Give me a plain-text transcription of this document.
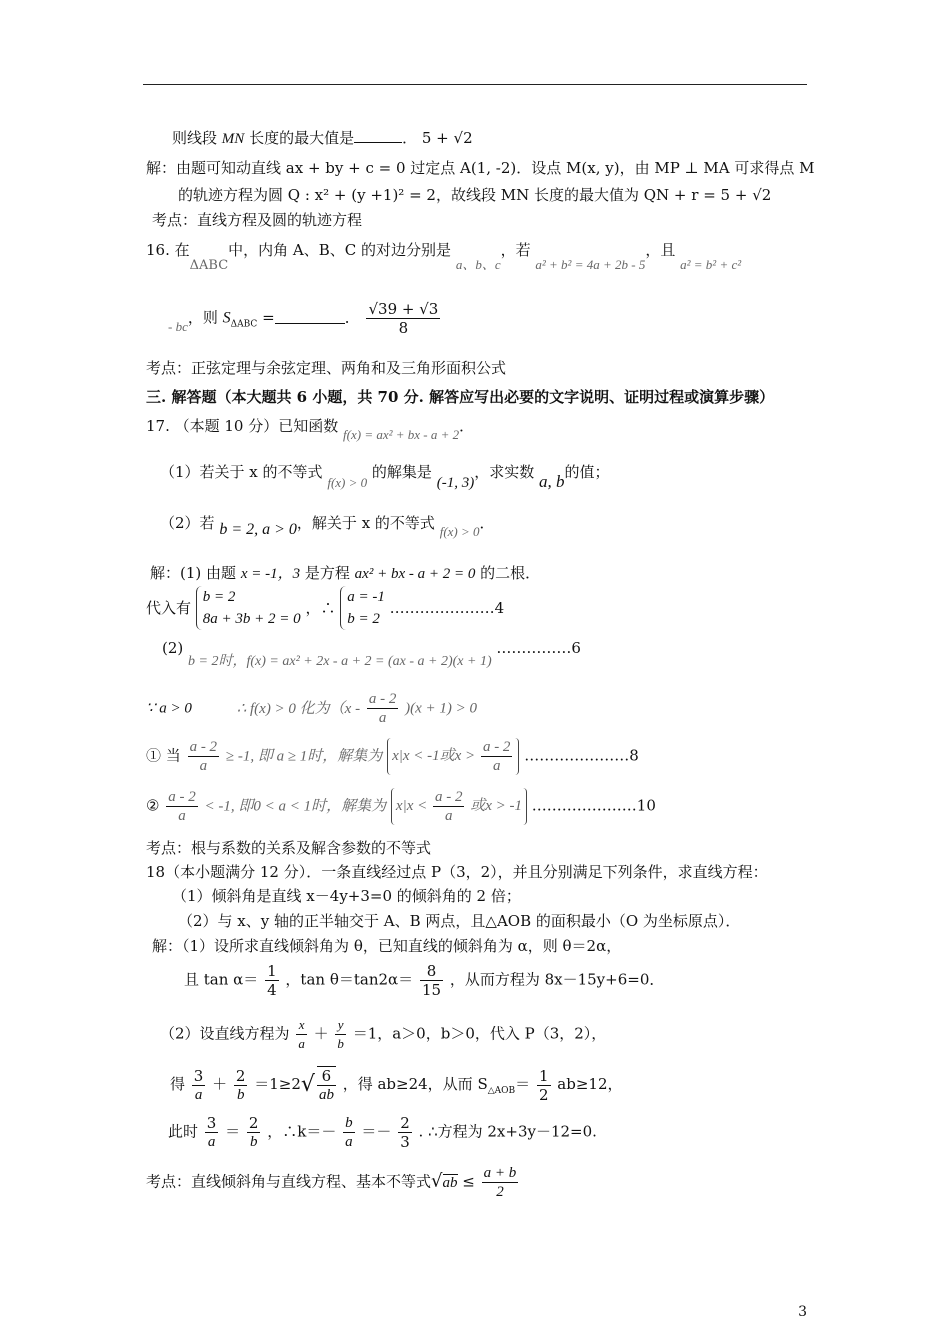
则线段 MN 长度的最大值是	． 5 + √2
解：由题可知动直线 ax + by + c = 0 过定点 A(1, -2)．设点 M(x, y)，由 MP ⊥ MA 可求得点 M
的轨迹方程为圆 Q : x² + (y +1)² = 2，故线段 MN 长度的最大值为 QN + r = 5 + √2
考点：直线方程及圆的轨迹方程
16. 在ΔABC中，内角 A、B、C 的对边分别是 a、b、c，若 a² + b² = 4a + 2b - 5，且 a² = b² + c²
- bc，则 $S_{\Delta ABC}$ =	． $\frac{√39 + √3}{8}$
考点：正弦定理与余弦定理、两角和及三角形面积公式
三. 解答题（本大题共 6 小题，共 70 分. 解答应写出必要的文字说明、证明过程或演算步骤）
17. （本题 10 分）已知函数 f(x) = ax² + bx - a + 2．
（1）若关于 x 的不等式 f(x) > 0 的解集是 (-1, 3)，求实数 a, b的值；
（2）若 b = 2, a > 0，解关于 x 的不等式 f(x) > 0．
解：(1) 由题 x = -1，3 是方程 ax² + bx - a + 2 = 0 的二根．
代入有
b = 2
8a + 3b + 2 = 0
，∴
a = -1
b = 2
…………………4
(2) b = 2时，f(x) = ax² + 2x - a + 2 = (ax - a + 2)(x + 1) ……………6
∵ a > 0	∴ f(x) > 0 化为$(x - \frac{a - 2}{a} )(x + 1) > 0$
① 当 $\frac{a - 2}{a} \ge -1$, 即 a ≥ 1时，解集为 x|x < -1或$x > \frac{a - 2}{a}$ …………………8
② $\frac{a - 2}{a} < -1$, 即0 < a < 1时，解集为 $x|x < \frac{a - 2}{a}$ 或x > -1 …………………10
考点：根与系数的关系及解含参数的不等式
18（本小题满分 12 分）．一条直线经过点 P（3，2），并且分别满足下列条件，求直线方程：
（1）倾斜角是直线 x－4y+3=0 的倾斜角的 2 倍；
（2）与 x、y 轴的正半轴交于 A、B 两点，且△AOB 的面积最小（O 为坐标原点）．
解：（1）设所求直线倾斜角为 θ，已知直线的倾斜角为 α，则 θ＝2α，
且 $\tan \alpha= \frac{1}{4}$ ，$\tan \theta=\tan 2\alpha= \frac{8}{15}$ ，从而方程为 8x－15y+6=0．
（2）设直线方程为 $\frac{x}{a} + \frac{y}{b} =1$，a＞0，b＞0，代入 P（3，2），
得 $\frac{3}{a} + \frac{2}{b} =1\ge 2√ \frac{6}{ab}$ ，得 ab≥24，从而 $S_{\triangle AOB}= \frac{1}{2} ab\ge 12$，
此时 $\frac{3}{a} = \frac{2}{b}$ ，∴k＝－ $\frac{b}{a} =- \frac{2}{3}$ . ∴方程为 2x+3y－12=0.
考点：直线倾斜角与直线方程、基本不等式$√ab \le \frac{a + b}{2}$
3
